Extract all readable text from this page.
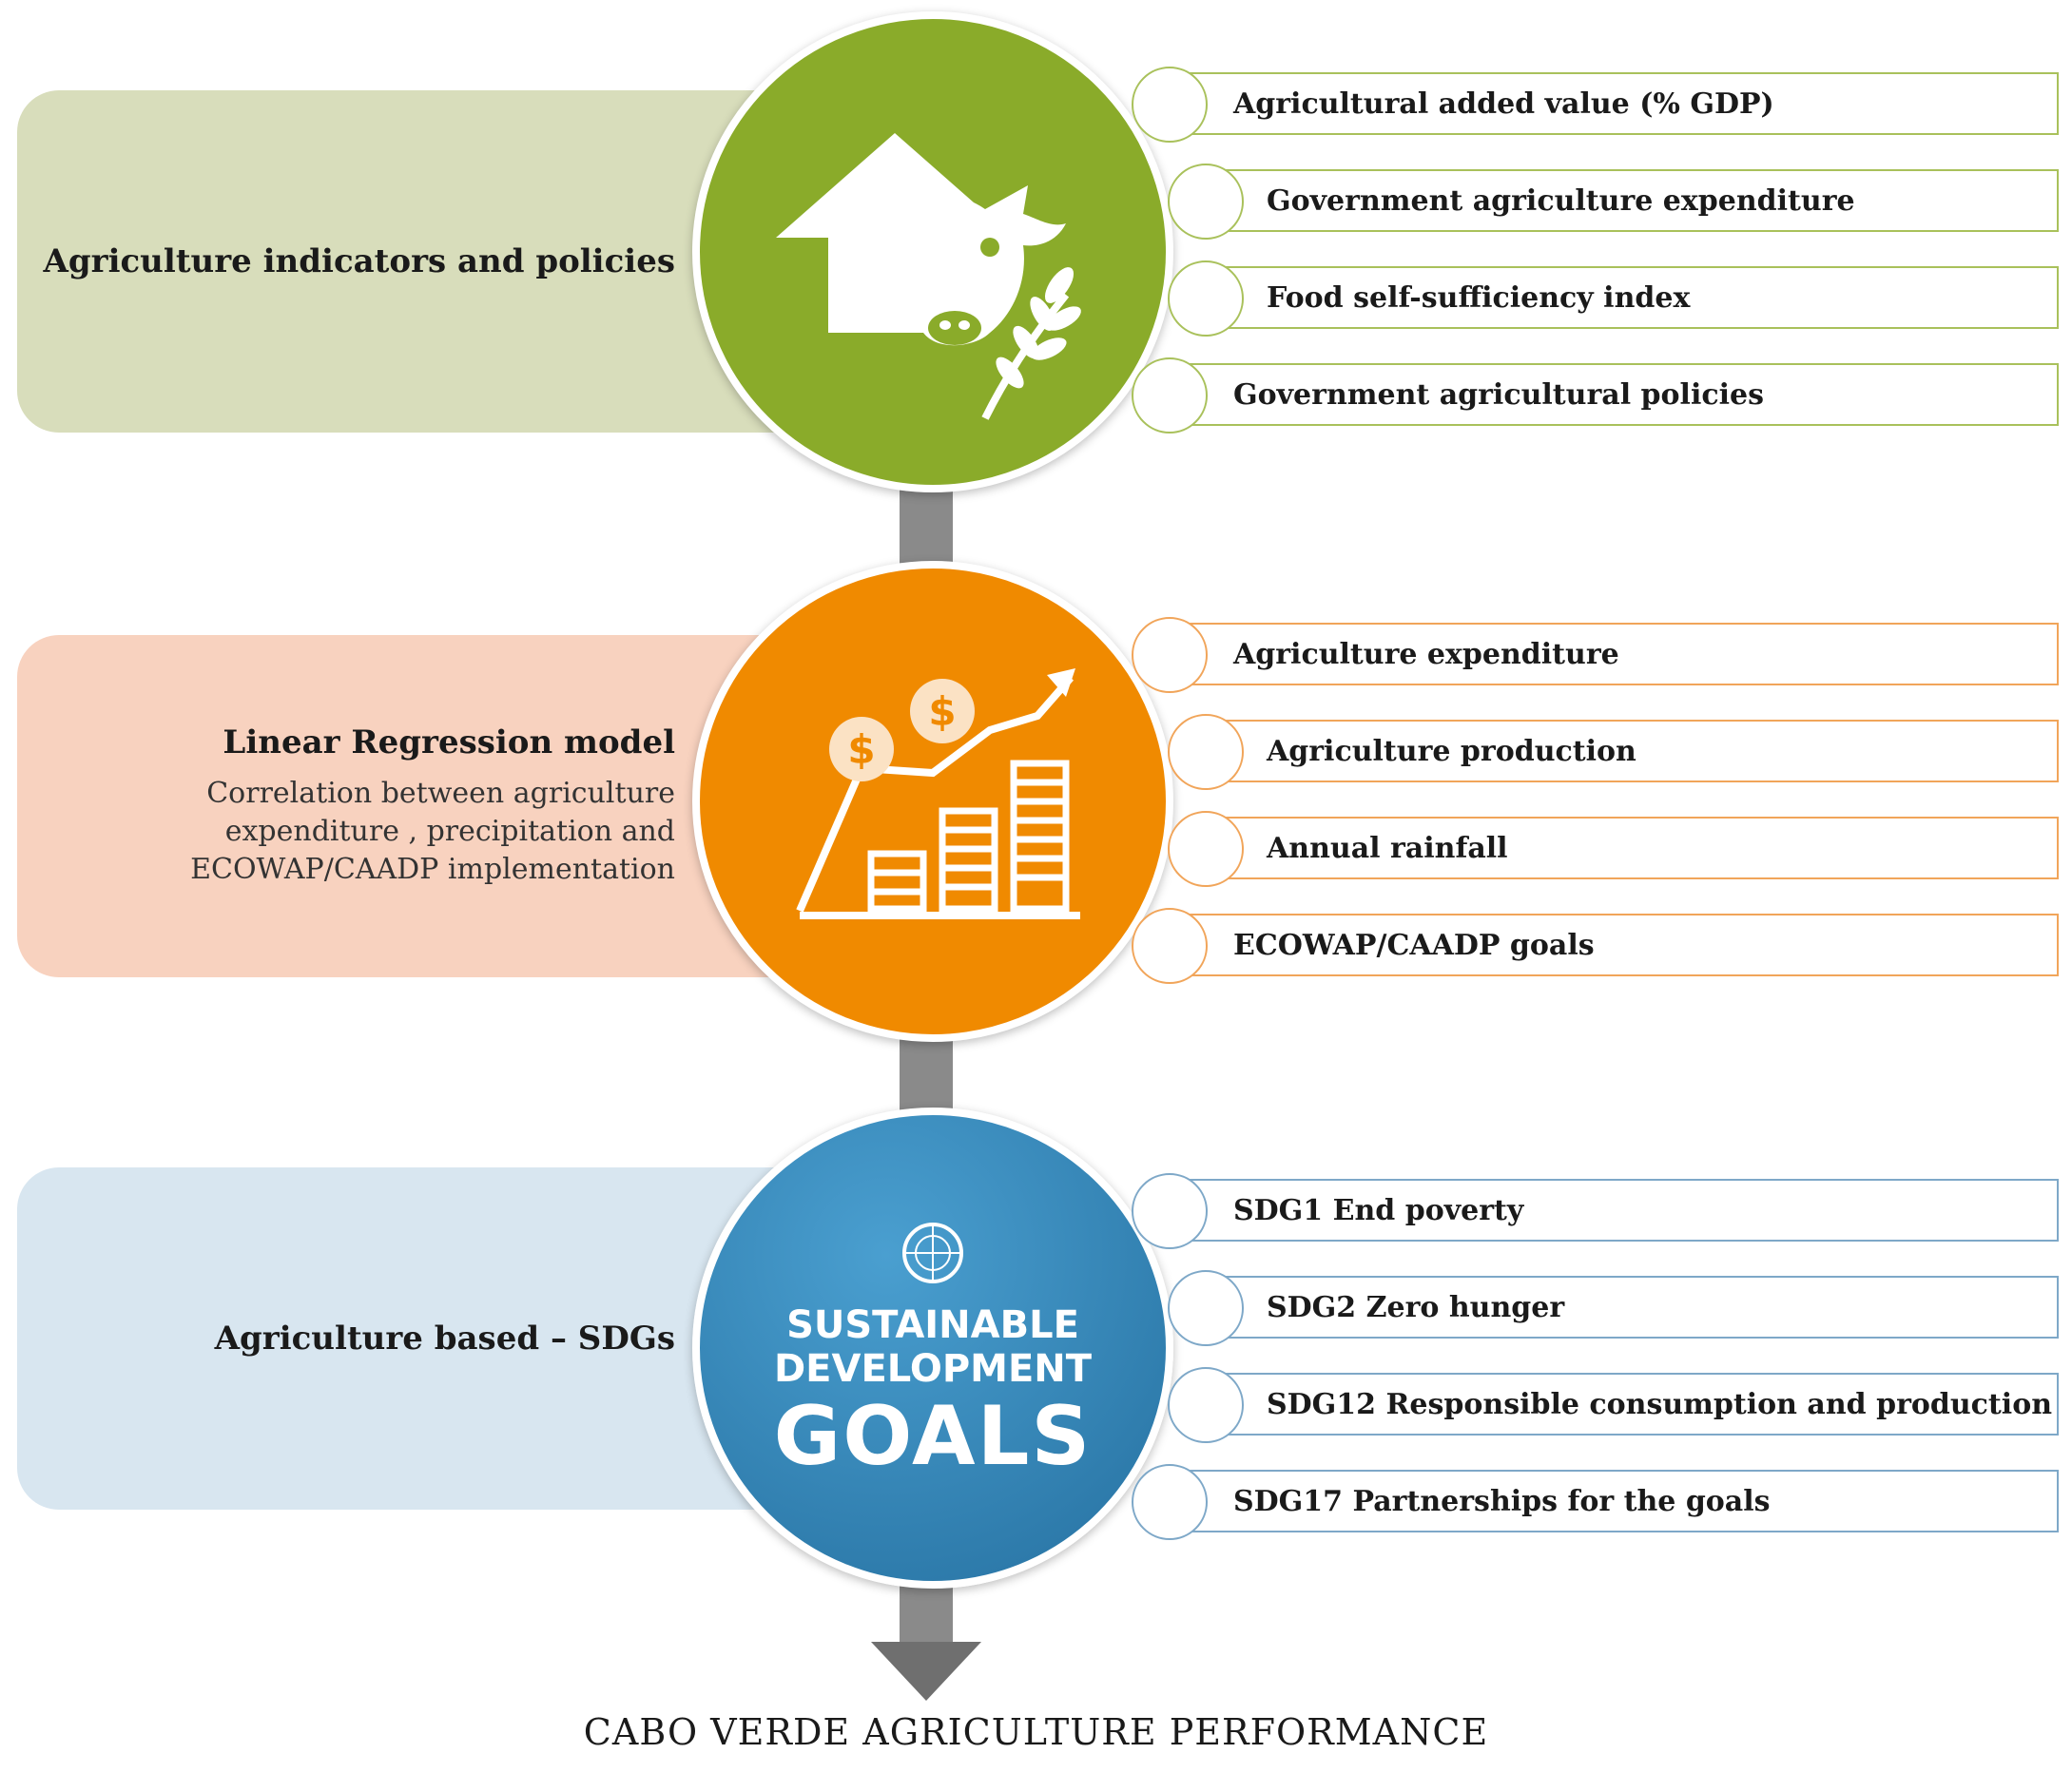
Agriculture indicators and policies
Linear Regression model
Correlation between agriculture
expenditure , precipitation and
ECOWAP/CAADP implementation
Agriculture based – SDGs
$
$
SUSTAINABLE
DEVELOPMENT
GOALS
Agricultural added value (% GDP)
Government agriculture expenditure
Food self-sufficiency index
Government agricultural policies
Agriculture expenditure
Agriculture production
Annual rainfall
ECOWAP/CAADP goals
SDG1 End poverty
SDG2 Zero hunger
SDG12 Responsible consumption and production
SDG17 Partnerships for the goals
CABO VERDE AGRICULTURE PERFORMANCE
